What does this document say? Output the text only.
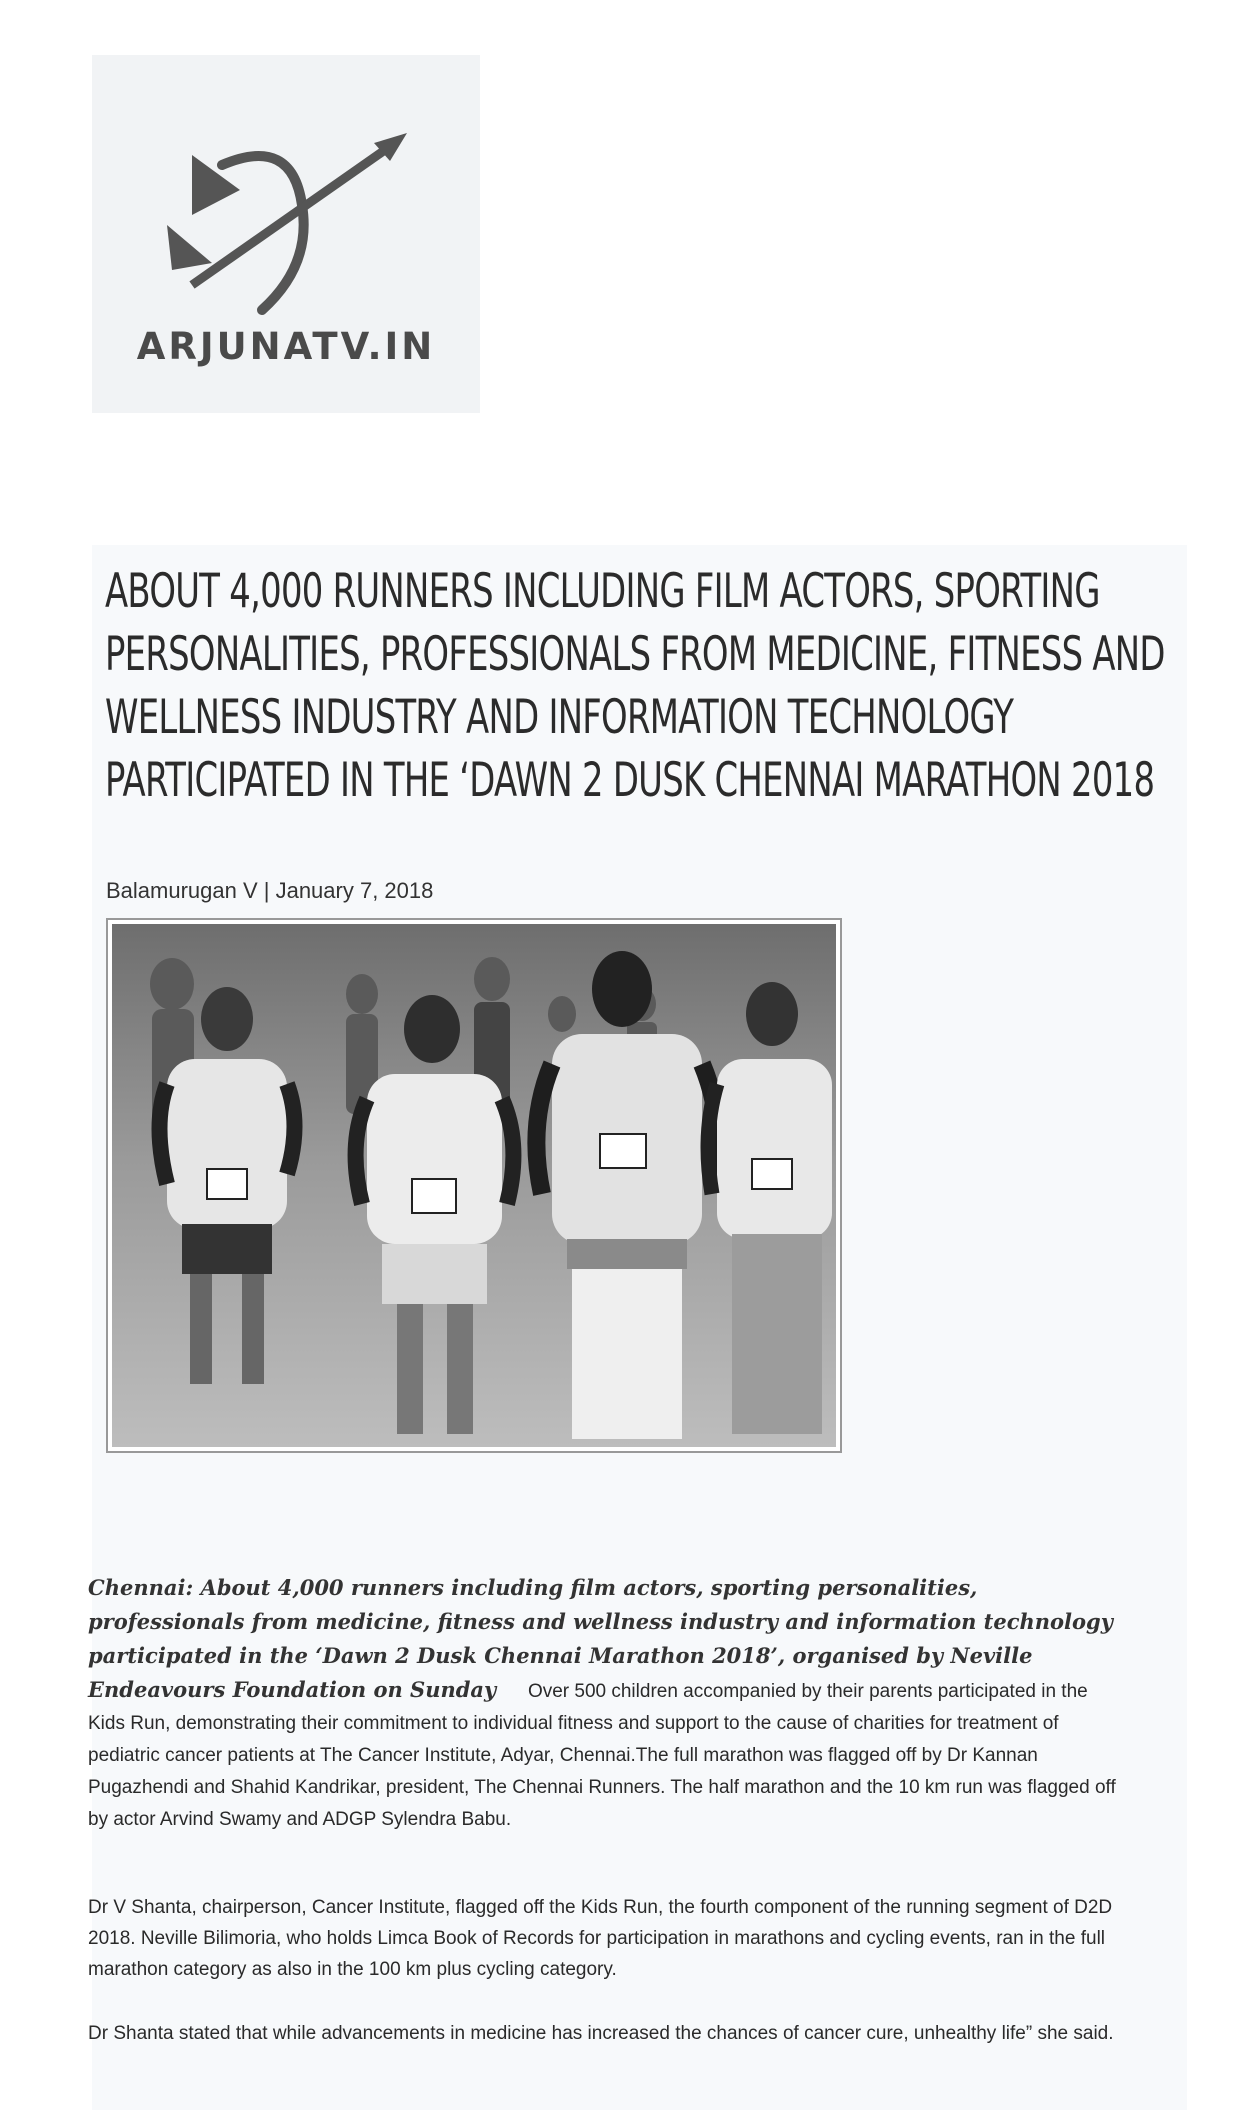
ARJUNATV.IN
ABOUT 4,000 RUNNERS INCLUDING FILM ACTORS, SPORTING PERSONALITIES, PROFESSIONALS FROM MEDICINE, FITNESS AND WELLNESS INDUSTRY AND INFORMATION TECHNOLOGY PARTICIPATED IN THE ‘DAWN 2 DUSK CHENNAI MARATHON 2018
Balamurugan V | January 7, 2018

Chennai: About 4,000 runners including film actors, sporting personalities, professionals from medicine, fitness and wellness industry and information technology participated in the ‘Dawn 2 Dusk Chennai Marathon 2018’, organised by Neville Endeavours Foundation on Sunday Over 500 children accompanied by their parents participated in the Kids Run, demonstrating their commitment to individual fitness and support to the cause of charities for treatment of pediatric cancer patients at The Cancer Institute, Adyar, Chennai.The full marathon was flagged off by Dr Kannan Pugazhendi and Shahid Kandrikar, president, The Chennai Runners. The half marathon and the 10 km run was flagged off by actor Arvind Swamy and ADGP Sylendra Babu.

Dr V Shanta, chairperson, Cancer Institute, flagged off the Kids Run, the fourth component of the running segment of D2D 2018. Neville Bilimoria, who holds Limca Book of Records for participation in marathons and cycling events, ran in the full marathon category as also in the 100 km plus cycling category.

Dr Shanta stated that while advancements in medicine has increased the chances of cancer cure, unhealthy life” she said.
